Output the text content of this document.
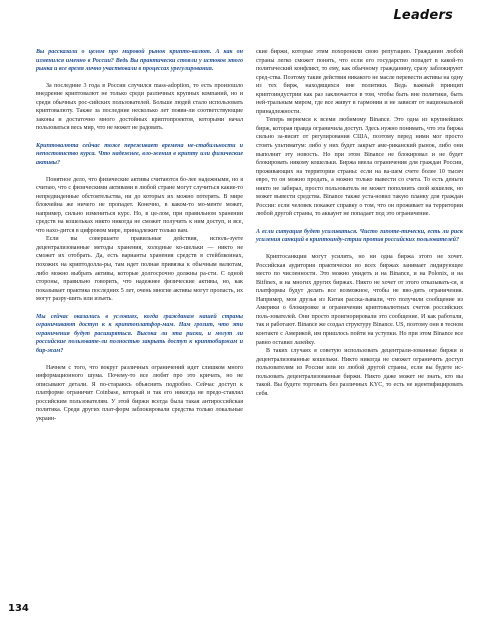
Leaders

Вы рассказали о целом про мировой рынок крипто-валют. А как он изменился именно в России? Ведь Вы практически стояли у истоков этого рынка и все время лично участвовали в процессах урегулирования.

За последние 3 года в России случился mass-adoption, то есть произошло внедрение криптовалют не только среди различных крупных компаний, но и среди обычных рос-сийских пользователей. Больше людей стало использовать криптовалюту. Также за последние несколько лет появи-ли соответствующие законы и достаточно много достойных криптопроектов, которыми начал пользоваться весь мир, что не может не радовать.

Криптовалюта сейчас тоже переживает времена не-стабильности и непостоянство курса. Что надежнее, вло-жения в крипту или физические активы?

Понятное дело, что физические активы считаются бо-лее надежными, но я считаю, что с физическими активами в любой стране могут случиться какие-то непредвиденные обстоятельства, ни до которых их можно потерять. В мире блокчейна же ничего не пропадет. Конечно, в каком-то мо-менте может, например, сильно измениться курс. Но, в це-лом, при правильном хранении средств на кошельках никто никогда не сможет получить к ним доступ, и все, что нахо-дится в цифровом мире, принадлежит только вам.

Если вы совершаете правильные действия, исполь-зуете децентрализованные методы хранения, холодные ко-шельки — никто не сможет их отобрать. Да, есть варианты хранения средств в стейблкоинах, похожих на криптодолла-ры, там идет полная привязка к обычным валютам, либо можно выбрать активы, которые долгосрочно должны ра-сти. С одной стороны, правильно говорить, что надежнее физические активы, но, как показывает практика последних 5 лет, очень многие активы могут пропасть, их могут разру-шить или изъять.

Мы сейчас оказались в условиях, когда гражданам нашей страны ограничивают доступ к к криптоплатфор-мам. Нам грозит, что эти ограничения будут расширяться. Высока ли эта риски, и могут ли российские пользовате-ли полностью закрыть доступ к криптобиржам и бир-жам?

Начнем с того, что вокруг различных ограничений идет слишком много информационного шума. Почему-то все любят про это кричать, но не описывают детали. Я по-стараюсь объяснить подробно. Сейчас доступ к платформе ограничит Coinbase, который и так его никогда не предо-ставлял российским пользователям. У этой биржи всегда была такая антироссийская политика. Среди других плат-форм заблокировали средства только локальные украин-

ские биржи, которые этим похоронили свою репутацию. Гражданин любой страны легко сможет понять, что если его государство попадет в какой-то политический конфликт, то ему, как обычному гражданину, сразу заблокируют сред-ства. Поэтому такие действия никакого не масле перевести активы на одну из тех бирж, находящихся вне политики. Ведь важный принцип криптоиндустрии как раз заключается в том, чтобы быть вне политики, быть ней-тральным миром, где все живут в гармонии и не зависят от национальной принадлежности.

Теперь вернемся к всеми любимому Binance. Это одна из крупнейших бирж, которая правда ограничила доступ. Здесь нужно понимать, что эта биржа сильно за-висит от регулирования США, поэтому перед ними мог просто стоять ультиматум: либо у них будет закрыт аме-риканский рынок, либо они выполнят эту новость. Но при этом Binance не блокировал и не будет блокировать никому кошельки. Биржа ввела ограничения для граждан России, проживающих на территории страны: если на ва-шем счете более 10 тысяч евро, то он можно продать, а можно только вывести со счета. То есть деньги никто не забирал, просто пользователь не может пополнить свой кошелек, но может вывести средства. Binance также уста-новил такую планку для граждан России: если человек покажет справку о том, что он проживает на территории любой другой страны, то аккаунт не попадает под это ограничение.

А если ситуация будет усиливаться. Чисто гипоте-тически, есть ли риск усиления санкций в криптоинду-стрии против российских пользователей?

Криптосанкции могут усилить, но ни одна биржа этого не хочет. Российская аудитория практически во всех биржах занимает лидирующее место по численности. Это можно увидеть и на Binance, и на Polonix, и на Bitfinex, и на многих других биржах. Никто не хочет от этого отказывать-ся, я платформы будут делать все возможное, чтобы не вво-дить ограничения. Например, мои друзья из Китая расска-зывали, что получили сообщение из Америки о блокировке и ограничении криптовалютных счетов российских поль-зователей. Они просто проигнорировали это сообщение. И как работали, так и работают. Binance же создал структуру Binance. US, поэтому они в тесном контакте с Америкой, им пришлось пойти на уступки. Но при этом Binance все равно оставил лазейку.

В таких случаях я советую использовать децентрали-зованные биржи и децентрализованные кошельки. Никто никогда не сможет ограничить доступ пользователям из России или из любой другой страны, если вы будете ис-пользовать децентрализованные биржи. Никто даже может не знать, кто вы такой. Вы будете торговать без различных KYC, то есть не идентифицировать себя.

134
